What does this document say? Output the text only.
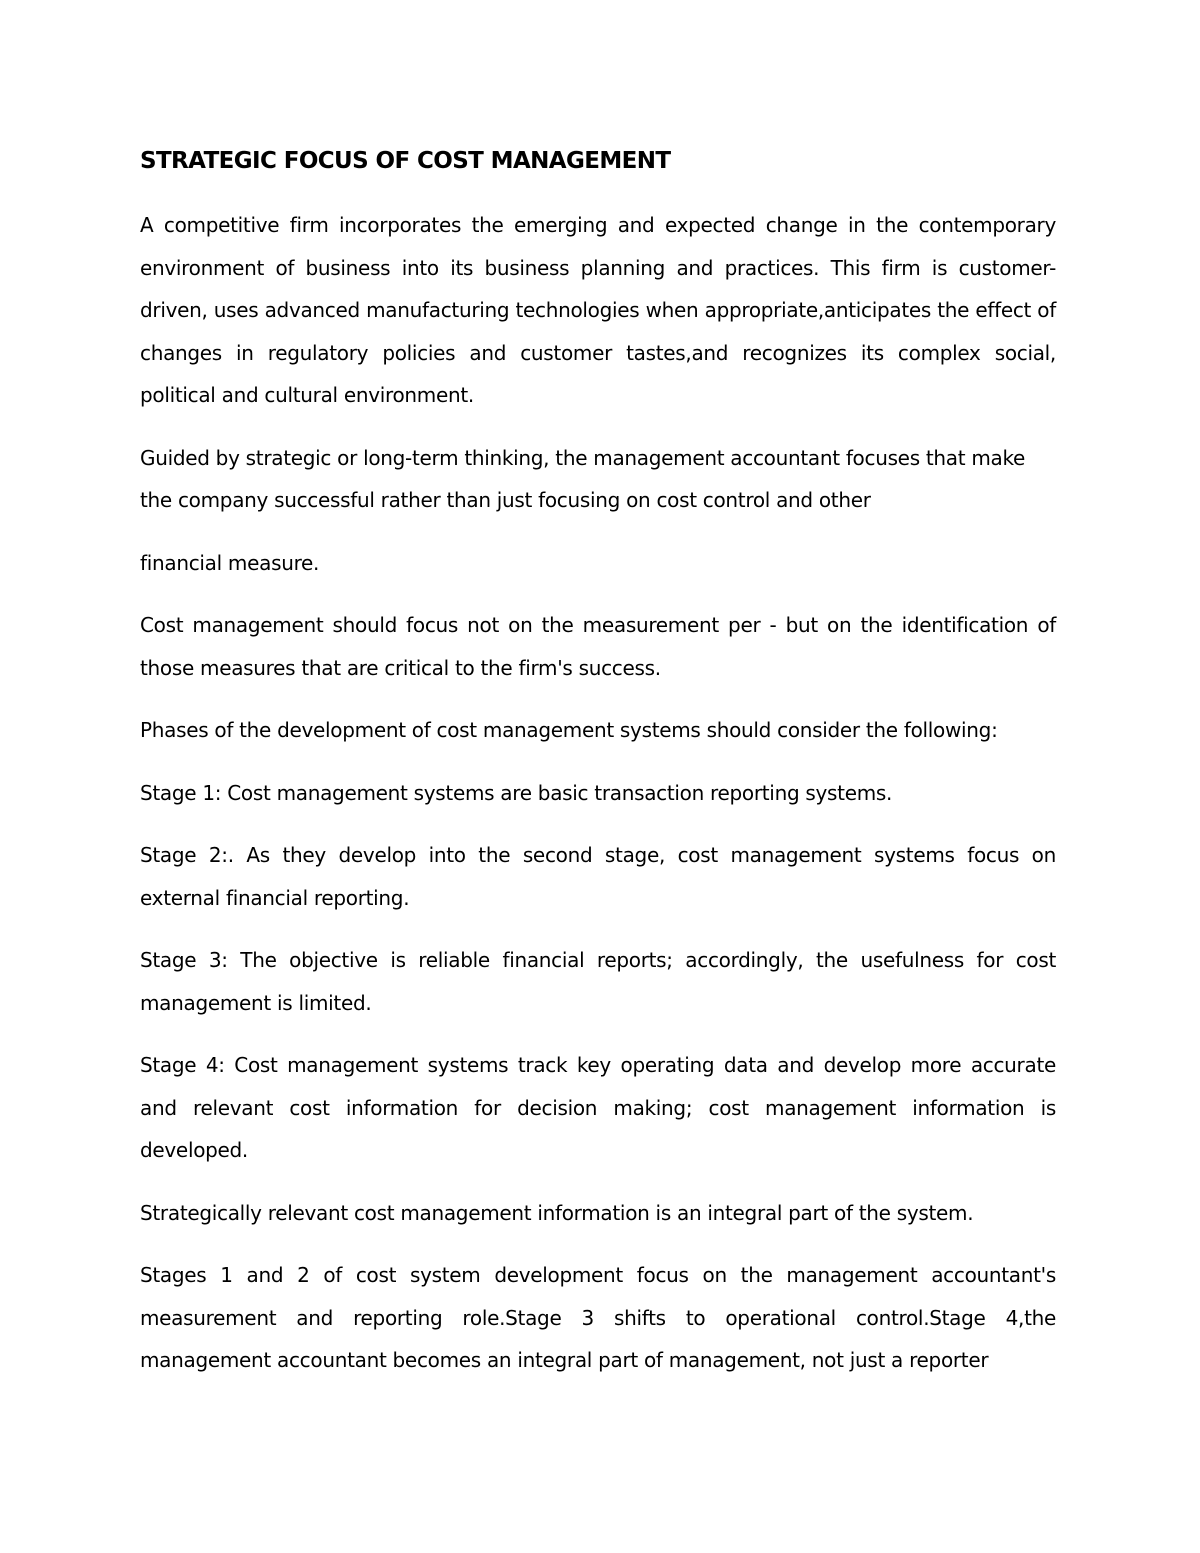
STRATEGIC FOCUS OF COST MANAGEMENT

A competitive firm incorporates the emerging and expected change in the contemporary environment of business into its business planning and practices. This firm is customer-driven, uses advanced manufacturing technologies when appropriate,anticipates the effect of changes in regulatory policies and customer tastes,and recognizes its complex social, political and cultural environment.

Guided by strategic or long-term thinking, the management accountant focuses that make the company successful rather than just focusing on cost control and other

financial measure.

Cost management should focus not on the measurement per - but on the identification of those measures that are critical to the firm's success.

Phases of the development of cost management systems should consider the following:

Stage 1: Cost management systems are basic transaction reporting systems.

Stage 2:. As they develop into the second stage, cost management systems focus on external financial reporting.

Stage 3: The objective is reliable financial reports; accordingly, the usefulness for cost management is limited.

Stage 4: Cost management systems track key operating data and develop more accurate and relevant cost information for decision making; cost management information is developed.

Strategically relevant cost management information is an integral part of the system.

Stages 1 and 2 of cost system development focus on the management accountant's measurement and reporting role.Stage 3 shifts to operational control.Stage 4,the management accountant becomes an integral part of management, not just a reporter
